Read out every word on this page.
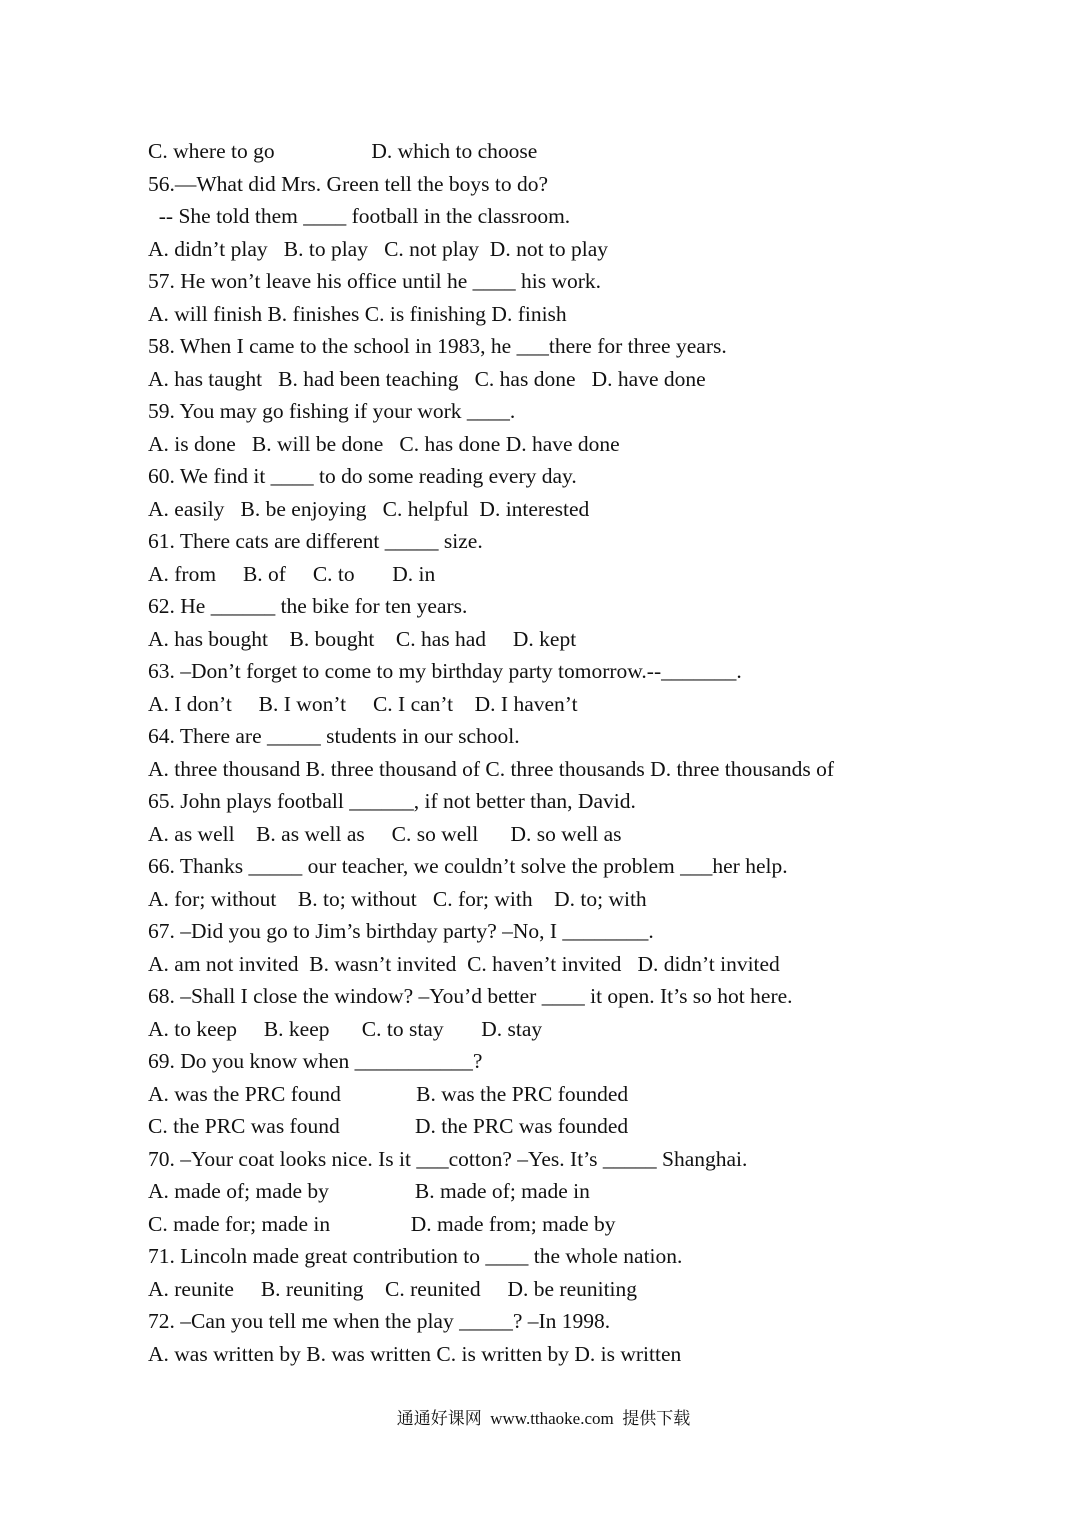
C. where to go                  D. which to choose
56.—What did Mrs. Green tell the boys to do?
-- She told them ____ football in the classroom.
A. didn’t play   B. to play   C. not play  D. not to play
57. He won’t leave his office until he ____ his work.
A. will finish B. finishes C. is finishing D. finish
58. When I came to the school in 1983, he ___there for three years.
A. has taught   B. had been teaching   C. has done   D. have done
59. You may go fishing if your work ____.
A. is done   B. will be done   C. has done D. have done
60. We find it ____ to do some reading every day.
A. easily   B. be enjoying   C. helpful  D. interested
61. There cats are different _____ size.
A. from     B. of     C. to       D. in
62. He ______ the bike for ten years.
A. has bought    B. bought    C. has had     D. kept
63. –Don’t forget to come to my birthday party tomorrow.--_______.
A. I don’t     B. I won’t     C. I can’t    D. I haven’t
64. There are _____ students in our school.
A. three thousand B. three thousand of C. three thousands D. three thousands of
65. John plays football ______, if not better than, David.
A. as well    B. as well as     C. so well      D. so well as
66. Thanks _____ our teacher, we couldn’t solve the problem ___her help.
A. for; without    B. to; without   C. for; with    D. to; with
67. –Did you go to Jim’s birthday party? –No, I ________.
A. am not invited  B. wasn’t invited  C. haven’t invited   D. didn’t invited
68. –Shall I close the window? –You’d better ____ it open. It’s so hot here.
A. to keep     B. keep      C. to stay       D. stay
69. Do you know when ___________?
A. was the PRC found              B. was the PRC founded
C. the PRC was found              D. the PRC was founded
70. –Your coat looks nice. Is it ___cotton? –Yes. It’s _____ Shanghai.
A. made of; made by                B. made of; made in
C. made for; made in               D. made from; made by
71. Lincoln made great contribution to ____ the whole nation.
A. reunite     B. reuniting    C. reunited     D. be reuniting
72. –Can you tell me when the play _____? –In 1998.
A. was written by B. was written C. is written by D. is written
通通好课网  www.tthaoke.com  提供下载
